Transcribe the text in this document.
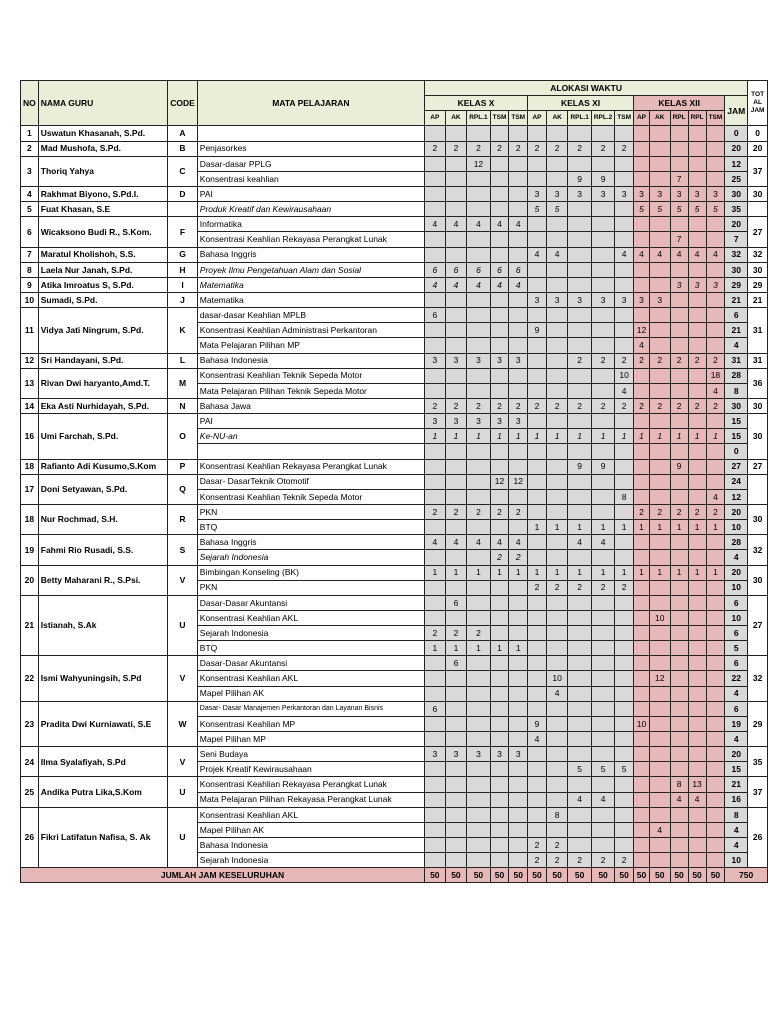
NO	NAMA GURU	CODE	MATA PELAJARAN	ALOKASI WAKTU																TOT AL JAM
				KELAS X					KELAS XI					KELAS XII					JAM	
				AP	AK	RPL.1	TSM	TSM	AP	AK	RPL.1	RPL.2	TSM	AP	AK	RPL	RPL	TSM		
1	Uswatun Khasanah, S.Pd.	A																	0	0
2	Mad Mushofa, S.Pd.	B	Penjasorkes	2	2	2	2	2	2	2	2	2	2						20	20
3	Thoriq Yahya	C	Dasar-dasar PPLG			12													12	37
			Konsentrasi keahlian								9	9				7			25	
4	Rakhmat Biyono, S.Pd.I.	D	PAI						3	3	3	3	3	3	3	3	3	3	30	30
5	Fuat Khasan, S.E		Produk Kreatif dan Kewirausahaan						5	5				5	5	5	5	5	35	
6	Wicaksono Budi R., S.Kom.	F	Informatika	4	4	4	4	4											20	27
			Konsentrasi Keahlian Rekayasa Perangkat Lunak													7			7	
7	Maratul Kholishoh, S.S.	G	Bahasa Inggris						4	4			4	4	4	4	4	4	32	32
8	Laela Nur Janah, S.Pd.	H	Proyek Ilmu Pengetahuan Alam dan Sosial	6	6	6	6	6											30	30
9	Atika Imroatus S, S.Pd.	I	Matematika	4	4	4	4	4								3	3	3	29	29
10	Sumadi, S.Pd.	J	Matematika						3	3	3	3	3	3	3				21	21
11	Vidya Jati Ningrum, S.Pd.	K	dasar-dasar Keahlian MPLB	6															6	31
			Konsentrasi Keahlian Administrasi Perkantoran						9					12					21	
			Mata Pelajaran Pilihan MP											4					4	
12	Sri Handayani, S.Pd.	L	Bahasa Indonesia	3	3	3	3	3			2	2	2	2	2	2	2	2	31	31
13	Rivan Dwi haryanto,Amd.T.	M	Konsentrasi Keahlian Teknik Sepeda Motor										10					18	28	36
			Mata Pelajaran Pilihan Teknik Sepeda Motor										4					4	8	
14	Eka Asti Nurhidayah, S.Pd.	N	Bahasa Jawa	2	2	2	2	2	2	2	2	2	2	2	2	2	2	2	30	30
16	Umi Farchah, S.Pd.	O	PAI	3	3	3	3	3											15	30
			Ke-NU-an	1	1	1	1	1	1	1	1	1	1	1	1	1	1	1	15	
																			0	
18	Rafianto Adi Kusumo,S.Kom	P	Konsentrasi Keahlian Rekayasa Perangkat Lunak								9	9				9			27	27
17	Doni Setyawan, S.Pd.	Q	Dasar- DasarTeknik Otomotif				12	12											24	
			Konsentrasi Keahlian Teknik Sepeda Motor										8					4	12	
18	Nur Rochmad, S.H.	R	PKN	2	2	2	2	2						2	2	2	2	2	20	30
			BTQ						1	1	1	1	1	1	1	1	1	1	10	
19	Fahmi Rio Rusadi, S.S.	S	Bahasa Inggris	4	4	4	4	4			4	4							28	32
			Sejarah Indonesia				2	2											4	
20	Betty Maharani R., S.Psi.	V	Bimbingan Konseling (BK)	1	1	1	1	1	1	1	1	1	1	1	1	1	1	1	20	30
			PKN						2	2	2	2	2						10	
21	Istianah, S.Ak	U	Dasar-Dasar Akuntansi		6														6	27
			Konsentrasi Keahlian AKL												10				10	
			Sejarah Indonesia	2	2	2													6	
			BTQ	1	1	1	1	1											5	
22	Ismi Wahyuningsih, S.Pd	V	Dasar-Dasar Akuntansi		6														6	32
			Konsentrasi Keahlian AKL							10					12				22	
			Mapel Pilihan AK							4									4	
23	Pradita Dwi Kurniawati, S.E	W	Dasar- Dasar Manajemen Perkantoran dan Layanan Bisnis	6															6	29
			Konsentrasi Keahlian MP						9					10					19	
			Mapel Pilihan MP						4										4	
24	Ilma Syalafiyah, S.Pd	V	Seni Budaya	3	3	3	3	3											20	35
			Projek Kreatif Kewirausahaan								5	5	5						15	
25	Andika Putra Lika,S.Kom	U	Konsentrasi Keahlian Rekayasa Perangkat Lunak													8	13		21	37
			Mata Pelajaran Pilihan Rekayasa Perangkat Lunak								4	4				4	4		16	
26	Fikri Latifatun Nafisa, S. Ak	U	Konsentrasi Keahlian AKL							8									8	26
			Mapel Pilihan AK												4				4	
			Bahasa Indonesia						2	2									4	
			Sejarah Indonesia						2	2	2	2	2						10	
JUMLAH JAM KESELURUHAN				50	50	50	50	50	50	50	50	50	50	50	50	50	50	50	750	
